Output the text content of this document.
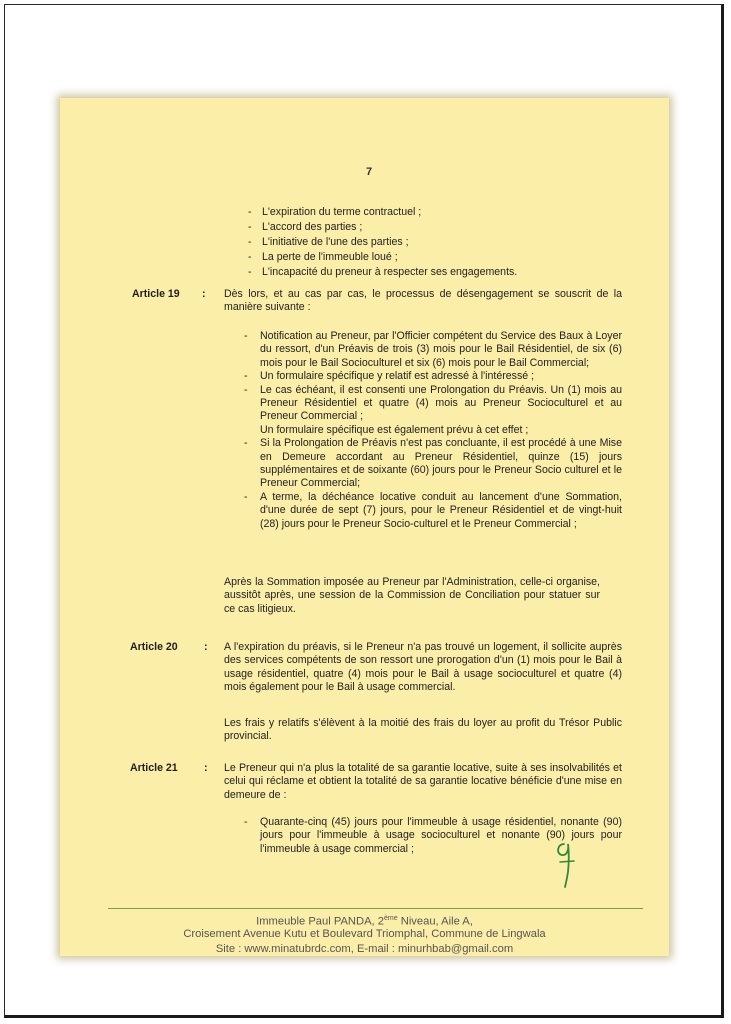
7
- L'expiration du terme contractuel ;
- L'accord des parties ;
- L'initiative de l'une des parties ;
- La perte de l'immeuble loué ;
- L'incapacité du preneur à respecter ses engagements.
Article 19 : Dès lors, et au cas par cas, le processus de désengagement se souscrit de la manière suivante :
- Notification au Preneur, par l'Officier compétent du Service des Baux à Loyer du ressort, d'un Préavis de trois (3) mois pour le Bail Résidentiel, de six (6) mois pour le Bail Socioculturel et six (6) mois pour le Bail Commercial;
- Un formulaire spécifique y relatif est adressé à l'intéressé ;
- Le cas échéant, il est consenti une Prolongation du Préavis. Un (1) mois au Preneur Résidentiel et quatre (4) mois au Preneur Socioculturel et au Preneur Commercial ;
Un formulaire spécifique est également prévu à cet effet ;
- Si la Prolongation de Préavis n'est pas concluante, il est procédé à une Mise en Demeure accordant au Preneur Résidentiel, quinze (15) jours supplémentaires et de soixante (60) jours pour le Preneur Socio culturel et le Preneur Commercial;
- A terme, la déchéance locative conduit au lancement d'une Sommation, d'une durée de sept (7) jours, pour le Preneur Résidentiel et de vingt-huit (28) jours pour le Preneur Socio-culturel et le Preneur Commercial ;
Après la Sommation imposée au Preneur par l'Administration, celle-ci organise, aussitôt après, une session de la Commission de Conciliation pour statuer sur ce cas litigieux.
Article 20 : A l'expiration du préavis, si le Preneur n'a pas trouvé un logement, il sollicite auprès des services compétents de son ressort une prorogation d'un (1) mois pour le Bail à usage résidentiel, quatre (4) mois pour le Bail à usage socioculturel et quatre (4) mois également pour le Bail à usage commercial.
Les frais y relatifs s'élèvent à la moitié des frais du loyer au profit du Trésor Public provincial.
Article 21 : Le Preneur qui n'a plus la totalité de sa garantie locative, suite à ses insolvabilités et celui qui réclame et obtient la totalité de sa garantie locative bénéficie d'une mise en demeure de :
- Quarante-cinq (45) jours pour l'immeuble à usage résidentiel, nonante (90) jours pour l'immeuble à usage socioculturel et nonante (90) jours pour l'immeuble à usage commercial ;
Immeuble Paul PANDA, 2ème Niveau, Aile A,
Croisement Avenue Kutu et Boulevard Triomphal, Commune de Lingwala
Site : www.minatubrdc.com, E-mail : minurhbab@gmail.com
